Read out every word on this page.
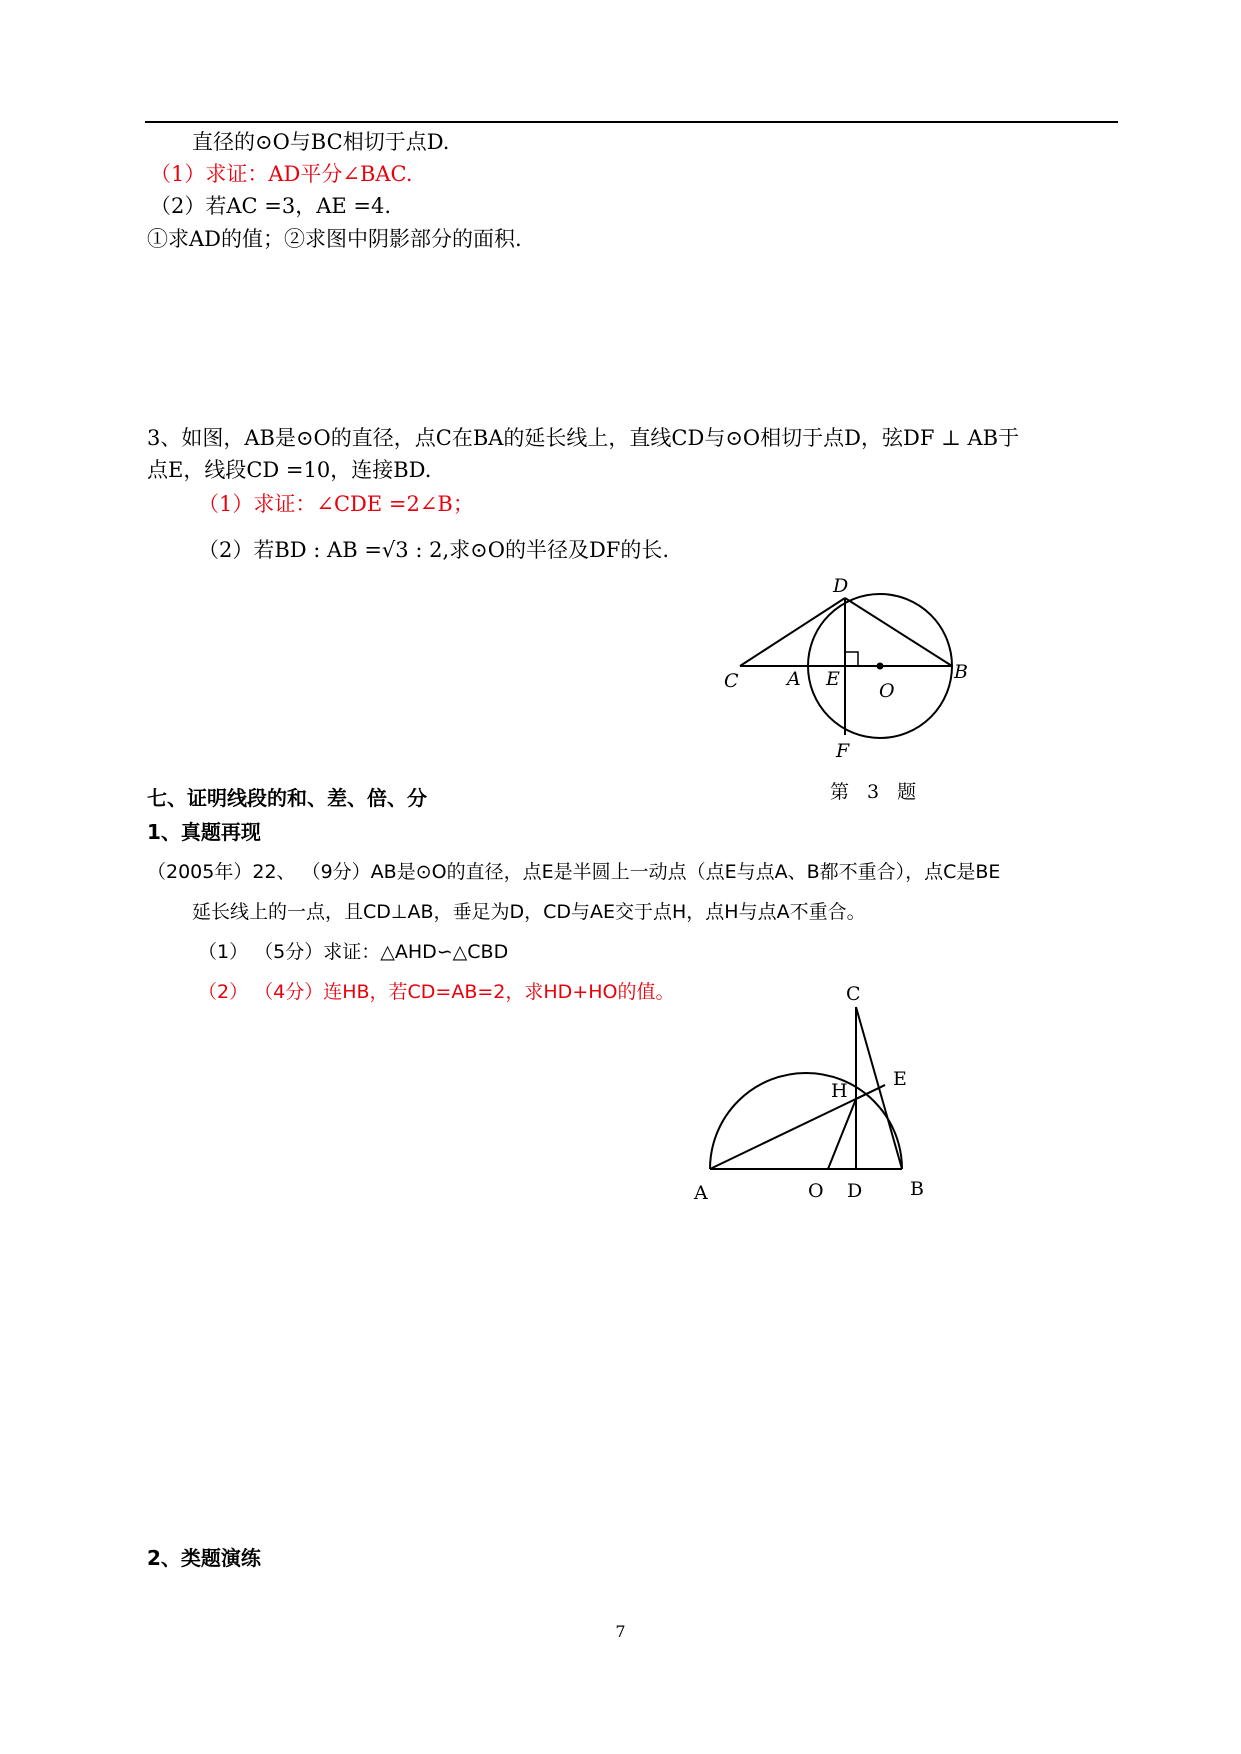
直径的⊙O与BC相切于点D.
（1）求证：AD平分∠BAC.
（2）若AC =3，AE =4.
①求AD的值；②求图中阴影部分的面积.
3、如图，AB是⊙O的直径，点C在BA的延长线上，直线CD与⊙O相切于点D，弦DF ⊥ AB于
点E，线段CD =10，连接BD.
（1）求证：∠CDE =2∠B；
（2）若BD : AB =√3 : 2,求⊙O的半径及DF的长.
D
C	A E
O
B
F
第 3 题
七、证明线段的和、差、倍、分
1、真题再现
（2005年）22、 （9分）AB是⊙O的直径，点E是半圆上一动点（点E与点A、B都不重合），点C是BE
延长线上的一点，且CD⊥AB，垂足为D，CD与AE交于点H，点H与点A不重合。
（1） （5分）求证：△AHD∽△CBD
（2） （4分）连HB，若CD=AB=2，求HD+HO的值。	C
E
H
A	O D	B
2、类题演练
7
